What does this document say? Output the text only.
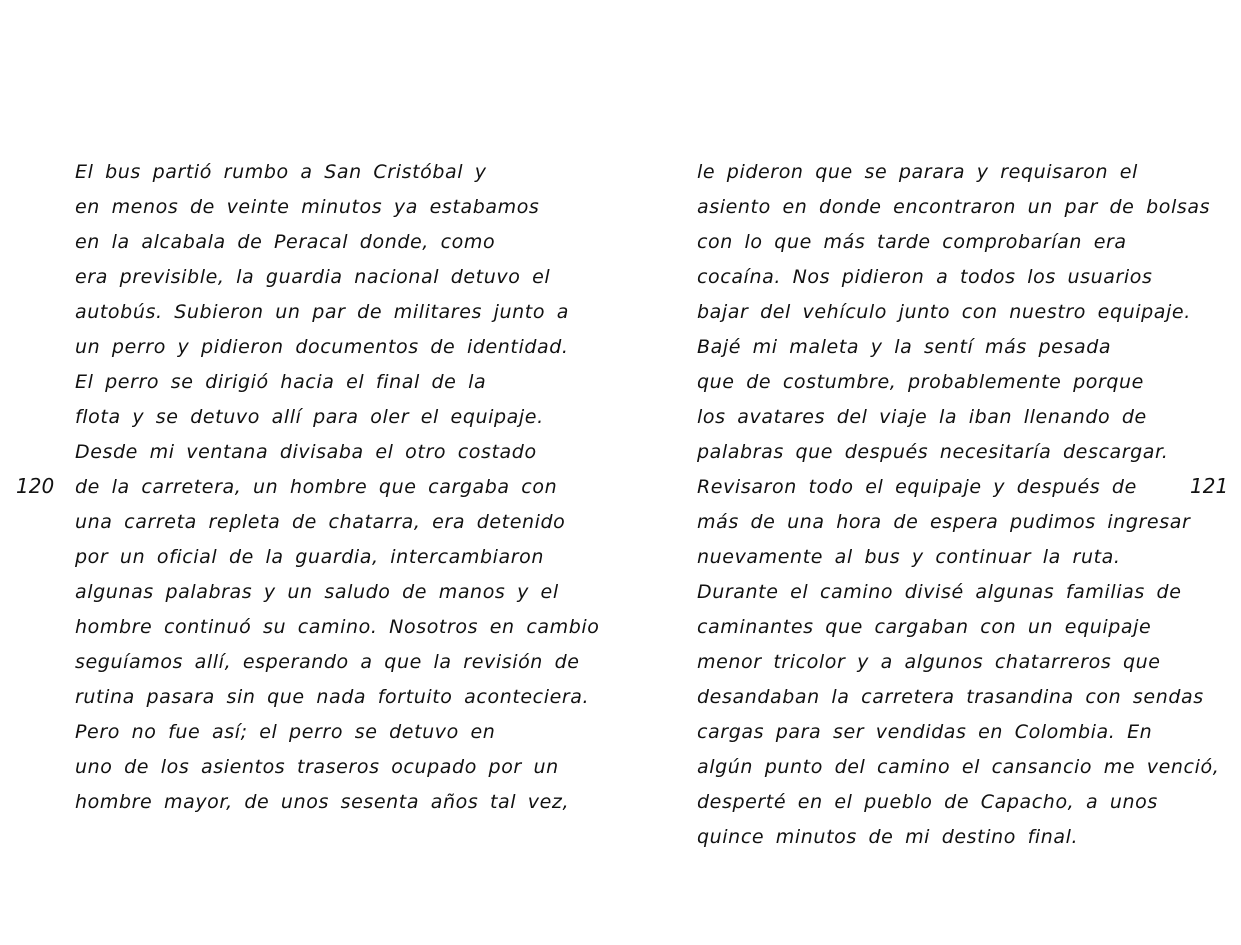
El bus partió rumbo a San Cristóbal y
en menos de veinte minutos ya estabamos
en la alcabala de Peracal donde, como
era previsible, la guardia nacional detuvo el
autobús. Subieron un par de militares junto a
un perro y pidieron documentos de identidad.
El perro se dirigió hacia el final de la
flota y se detuvo allí para oler el equipaje.
Desde mi ventana divisaba el otro costado
de la carretera, un hombre que cargaba con
una carreta repleta de chatarra, era detenido
por un oficial de la guardia, intercambiaron
algunas palabras y un saludo de manos y el
hombre continuó su camino. Nosotros en cambio
seguíamos allí, esperando a que la revisión de
rutina pasara sin que nada fortuito aconteciera.
Pero no fue así; el perro se detuvo en
uno de los asientos traseros ocupado por un
hombre mayor, de unos sesenta años tal vez,
120
le pideron que se parara y requisaron el
asiento en donde encontraron un par de bolsas
con lo que más tarde comprobarían era
cocaína. Nos pidieron a todos los usuarios
bajar del vehículo junto con nuestro equipaje.
Bajé mi maleta y la sentí más pesada
que de costumbre, probablemente porque
los avatares del viaje la iban llenando de
palabras que después necesitaría descargar.
Revisaron todo el equipaje y después de
más de una hora de espera pudimos ingresar
nuevamente al bus y continuar la ruta.
Durante el camino divisé algunas familias de
caminantes que cargaban con un equipaje
menor tricolor y a algunos chatarreros que
desandaban la carretera trasandina con sendas
cargas para ser vendidas en Colombia. En
algún punto del camino el cansancio me venció,
desperté en el pueblo de Capacho, a unos
quince minutos de mi destino final.
121
